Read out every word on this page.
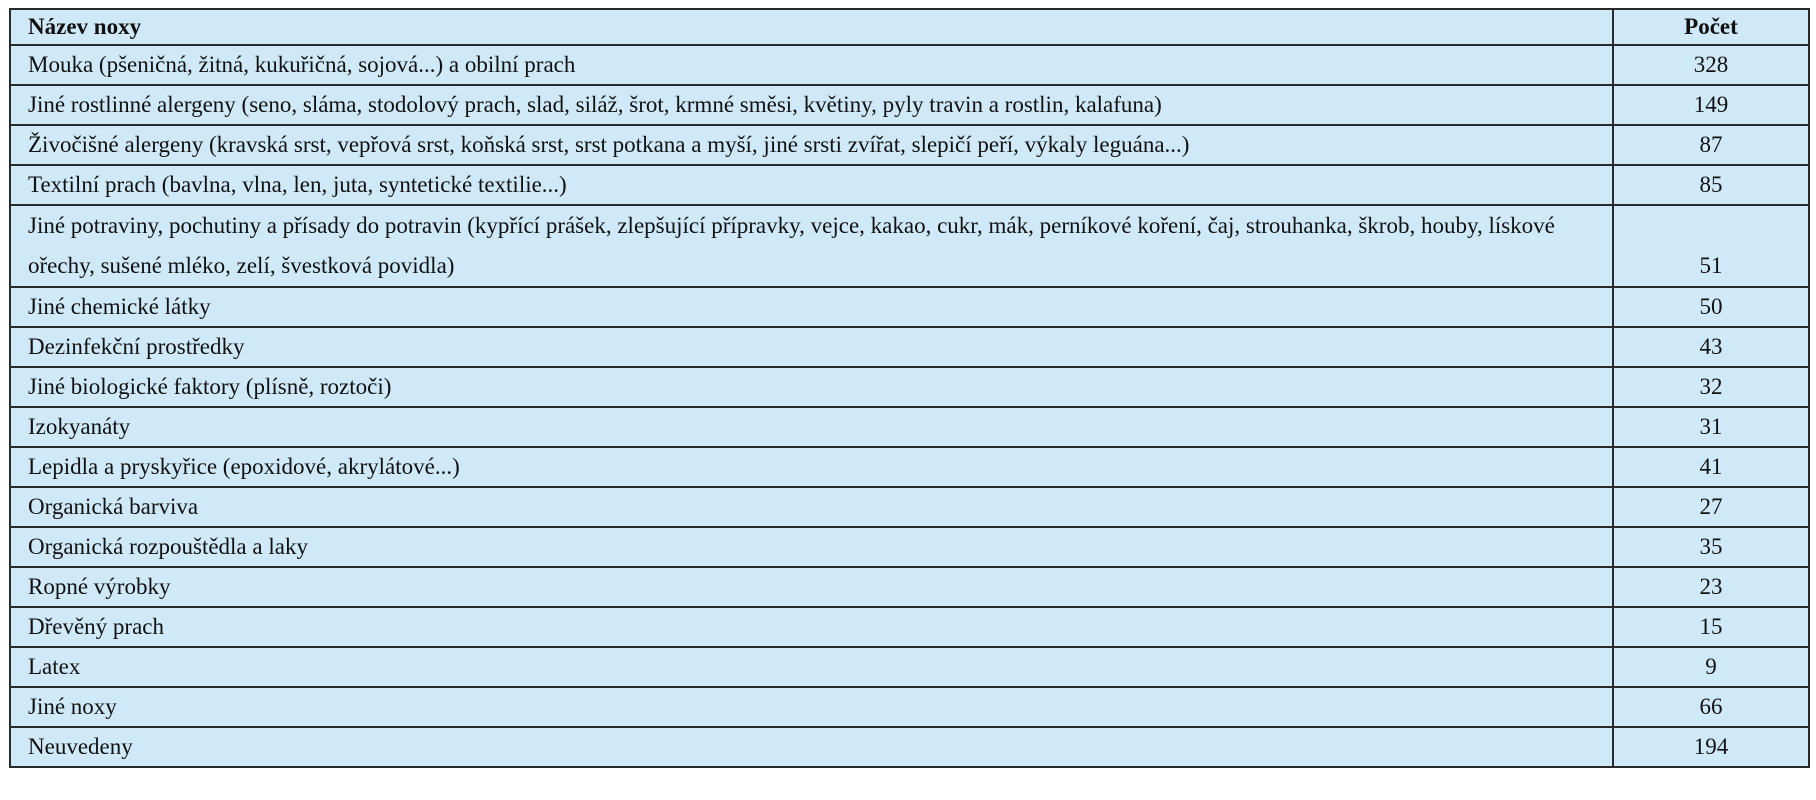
Název noxy	Počet
Mouka (pšeničná, žitná, kukuřičná, sojová...) a obilní prach	328
Jiné rostlinné alergeny (seno, sláma, stodolový prach, slad, siláž, šrot, krmné směsi, květiny, pyly travin a rostlin, kalafuna)	149
Živočišné alergeny (kravská srst, vepřová srst, koňská srst, srst potkana a myší, jiné srsti zvířat, slepičí peří, výkaly leguána...)	87
Textilní prach (bavlna, vlna, len, juta, syntetické textilie...)	85
Jiné potraviny, pochutiny a přísady do potravin (kypřící prášek, zlepšující přípravky, vejce, kakao, cukr, mák, perníkové koření, čaj, strouhanka, škrob, houby, lískové ořechy, sušené mléko, zelí, švestková povidla)	51
Jiné chemické látky	50
Dezinfekční prostředky	43
Jiné biologické faktory (plísně, roztoči)	32
Izokyanáty	31
Lepidla a pryskyřice (epoxidové, akrylátové...)	41
Organická barviva	27
Organická rozpouštědla a laky	35
Ropné výrobky	23
Dřevěný prach	15
Latex	9
Jiné noxy	66
Neuvedeny	194
